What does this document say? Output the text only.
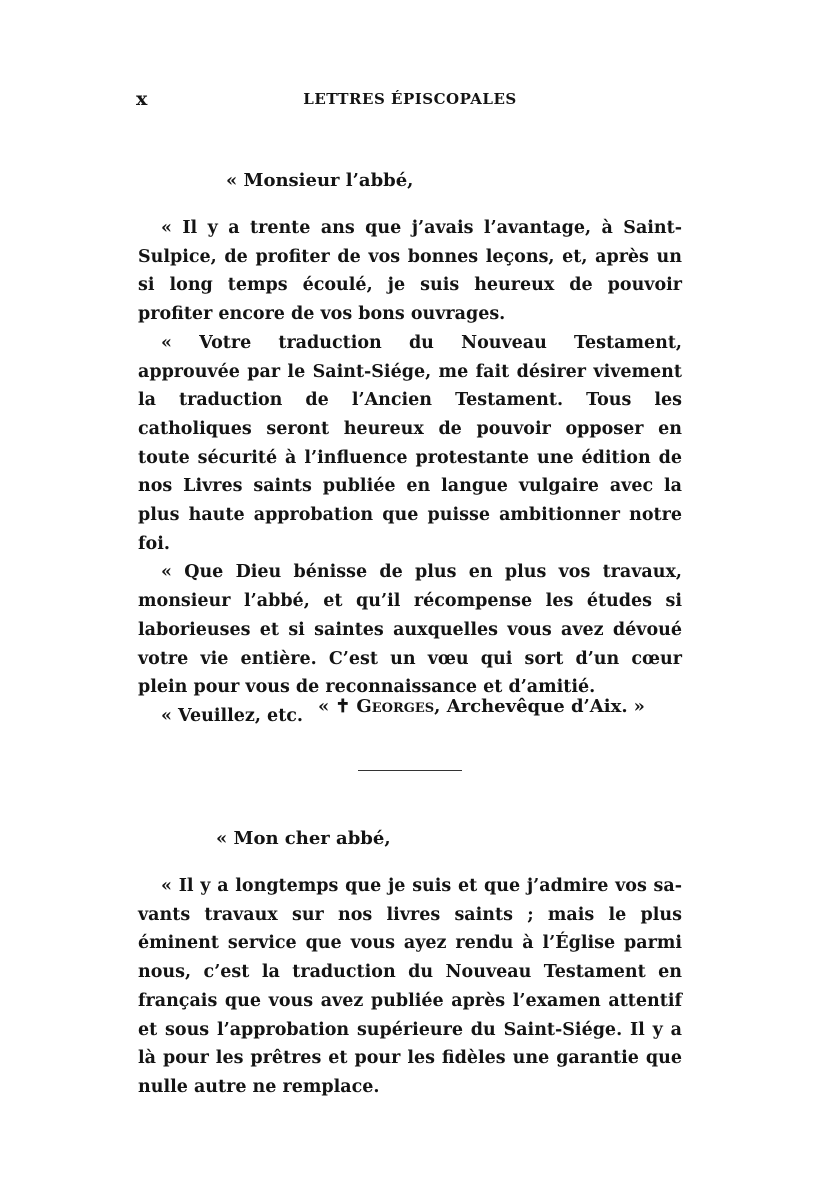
x	LETTRES ÉPISCOPALES
« Monsieur l’abbé,

« Il y a trente ans que j’avais l’avantage, à Saint-Sulpice, de profiter de vos bonnes leçons, et, après un si long temps écoulé, je suis heureux de pouvoir profiter encore de vos bons ouvrages.

« Votre traduction du Nouveau Testament, approuvée par le Saint-Siége, me fait désirer vivement la traduction de l’Ancien Testament. Tous les catholiques seront heureux de pouvoir opposer en toute sécurité à l’influence protestante une édition de nos Livres saints publiée en langue vulgaire avec la plus haute approbation que puisse ambitionner notre foi.

« Que Dieu bénisse de plus en plus vos travaux, monsieur l’abbé, et qu’il récompense les études si laborieuses et si saintes auxquelles vous avez dévoué votre vie entière. C’est un vœu qui sort d’un cœur plein pour vous de reconnaissance et d’amitié.

« Veuillez, etc. « ✝ Georges, Archevêque d’Aix. »
« Mon cher abbé,

« Il y a longtemps que je suis et que j’admire vos savants travaux sur nos livres saints ; mais le plus éminent service que vous ayez rendu à l’Église parmi nous, c’est la traduction du Nouveau Testament en français que vous avez publiée après l’examen attentif et sous l’approbation supérieure du Saint-Siége. Il y a là pour les prêtres et pour les fidèles une garantie que nulle autre ne remplace.
